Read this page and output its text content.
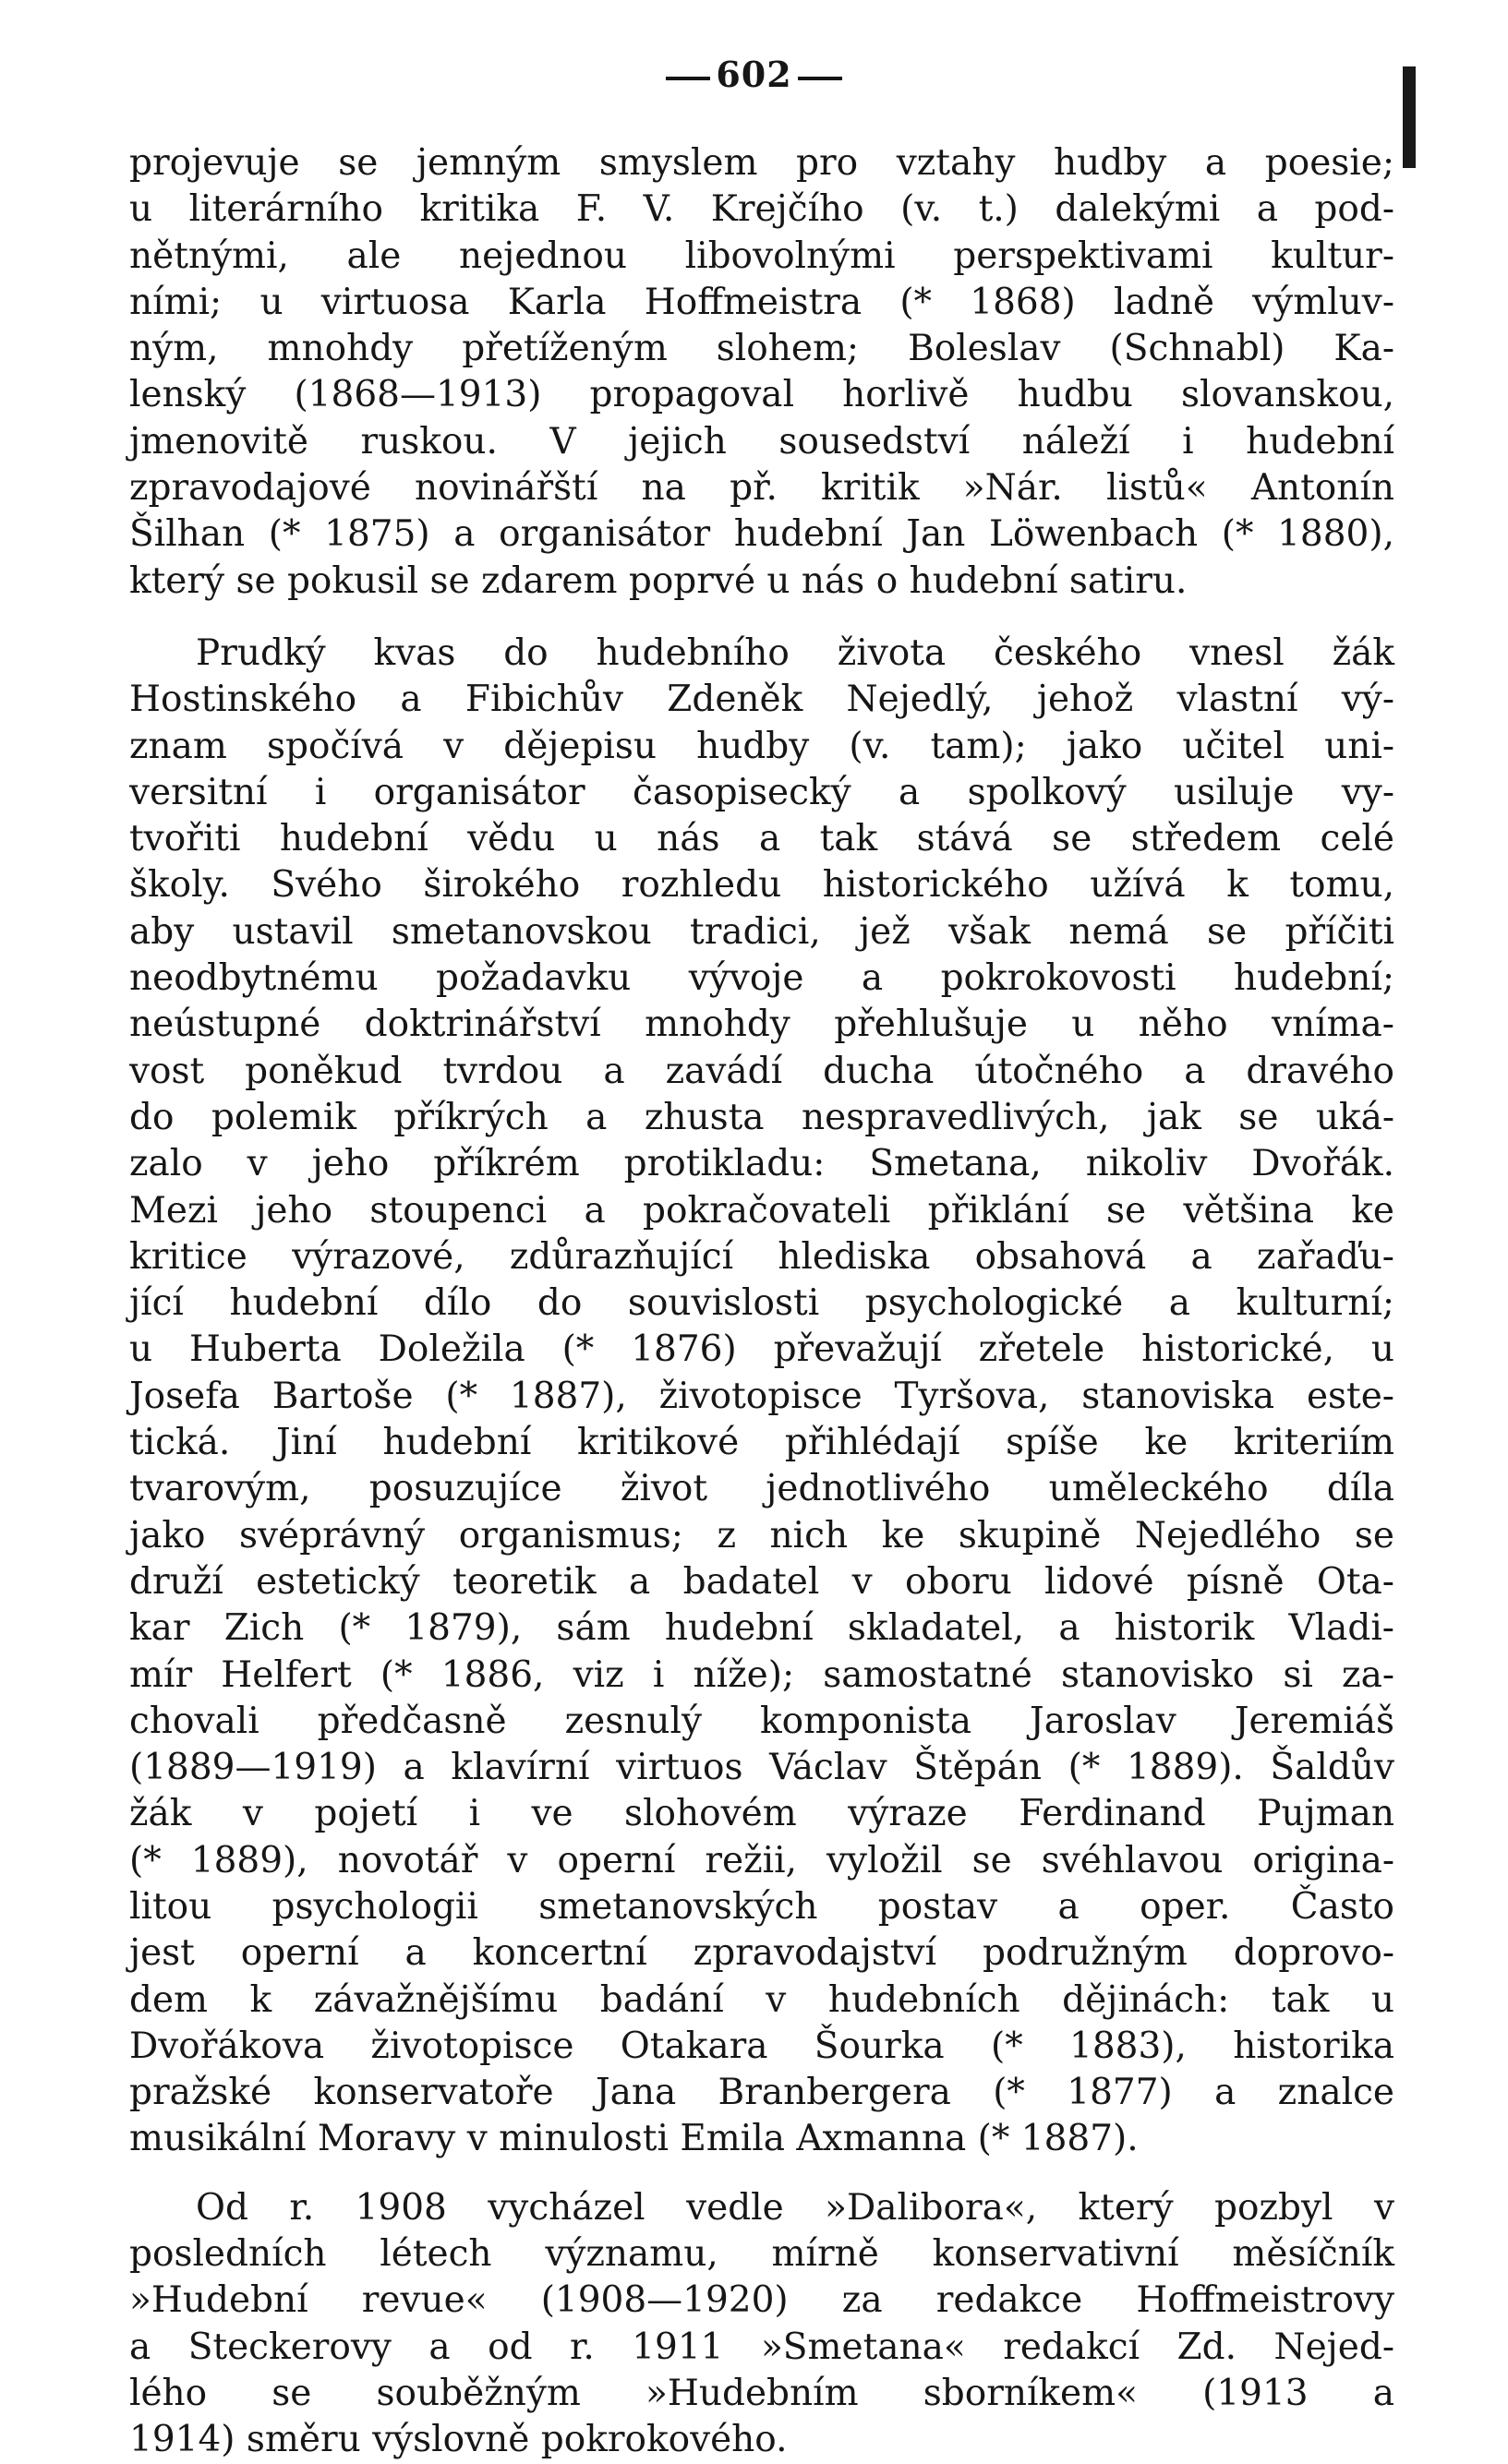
602
projevuje se jemným smyslem pro vztahy hudby a poesie;
u literárního kritika F. V. Krejčího (v. t.) dalekými a pod-
nětnými, ale nejednou libovolnými perspektivami kultur-
ními; u virtuosa Karla Hoffmeistra (* 1868) ladně výmluv-
ným, mnohdy přetíženým slohem; Boleslav (Schnabl) Ka-
lenský (1868—1913) propagoval horlivě hudbu slovanskou,
jmenovitě ruskou. V jejich sousedství náleží i hudební
zpravodajové novinářští na př. kritik »Nár. listů« Antonín
Šilhan (* 1875) a organisátor hudební Jan Löwenbach (* 1880),
který se pokusil se zdarem poprvé u nás o hudební satiru.
Prudký kvas do hudebního života českého vnesl žák
Hostinského a Fibichův Zdeněk Nejedlý, jehož vlastní vý-
znam spočívá v dějepisu hudby (v. tam); jako učitel uni-
versitní i organisátor časopisecký a spolkový usiluje vy-
tvořiti hudební vědu u nás a tak stává se středem celé
školy. Svého širokého rozhledu historického užívá k tomu,
aby ustavil smetanovskou tradici, jež však nemá se příčiti
neodbytnému požadavku vývoje a pokrokovosti hudební;
neústupné doktrinářství mnohdy přehlušuje u něho vníma-
vost poněkud tvrdou a zavádí ducha útočného a dravého
do polemik příkrých a zhusta nespravedlivých, jak se uká-
zalo v jeho příkrém protikladu: Smetana, nikoliv Dvořák.
Mezi jeho stoupenci a pokračovateli přiklání se většina ke
kritice výrazové, zdůrazňující hlediska obsahová a zařaďu-
jící hudební dílo do souvislosti psychologické a kulturní;
u Huberta Doležila (* 1876) převažují zřetele historické, u
Josefa Bartoše (* 1887), životopisce Tyršova, stanoviska este-
tická. Jiní hudební kritikové přihlédají spíše ke kriteriím
tvarovým, posuzujíce život jednotlivého uměleckého díla
jako svéprávný organismus; z nich ke skupině Nejedlého se
druží estetický teoretik a badatel v oboru lidové písně Ota-
kar Zich (* 1879), sám hudební skladatel, a historik Vladi-
mír Helfert (* 1886, viz i níže); samostatné stanovisko si za-
chovali předčasně zesnulý komponista Jaroslav Jeremiáš
(1889—1919) a klavírní virtuos Václav Štěpán (* 1889). Šaldův
žák v pojetí i ve slohovém výraze Ferdinand Pujman
(* 1889), novotář v operní režii, vyložil se svéhlavou origina-
litou psychologii smetanovských postav a oper. Často
jest operní a koncertní zpravodajství podružným doprovo-
dem k závažnějšímu badání v hudebních dějinách: tak u
Dvořákova životopisce Otakara Šourka (* 1883), historika
pražské konservatoře Jana Branbergera (* 1877) a znalce
musikální Moravy v minulosti Emila Axmanna (* 1887).
Od r. 1908 vycházel vedle »Dalibora«, který pozbyl v
posledních létech významu, mírně konservativní měsíčník
»Hudební revue« (1908—1920) za redakce Hoffmeistrovy
a Steckerovy a od r. 1911 »Smetana« redakcí Zd. Nejed-
lého se souběžným »Hudebním sborníkem« (1913 a
1914) směru výslovně pokrokového.
